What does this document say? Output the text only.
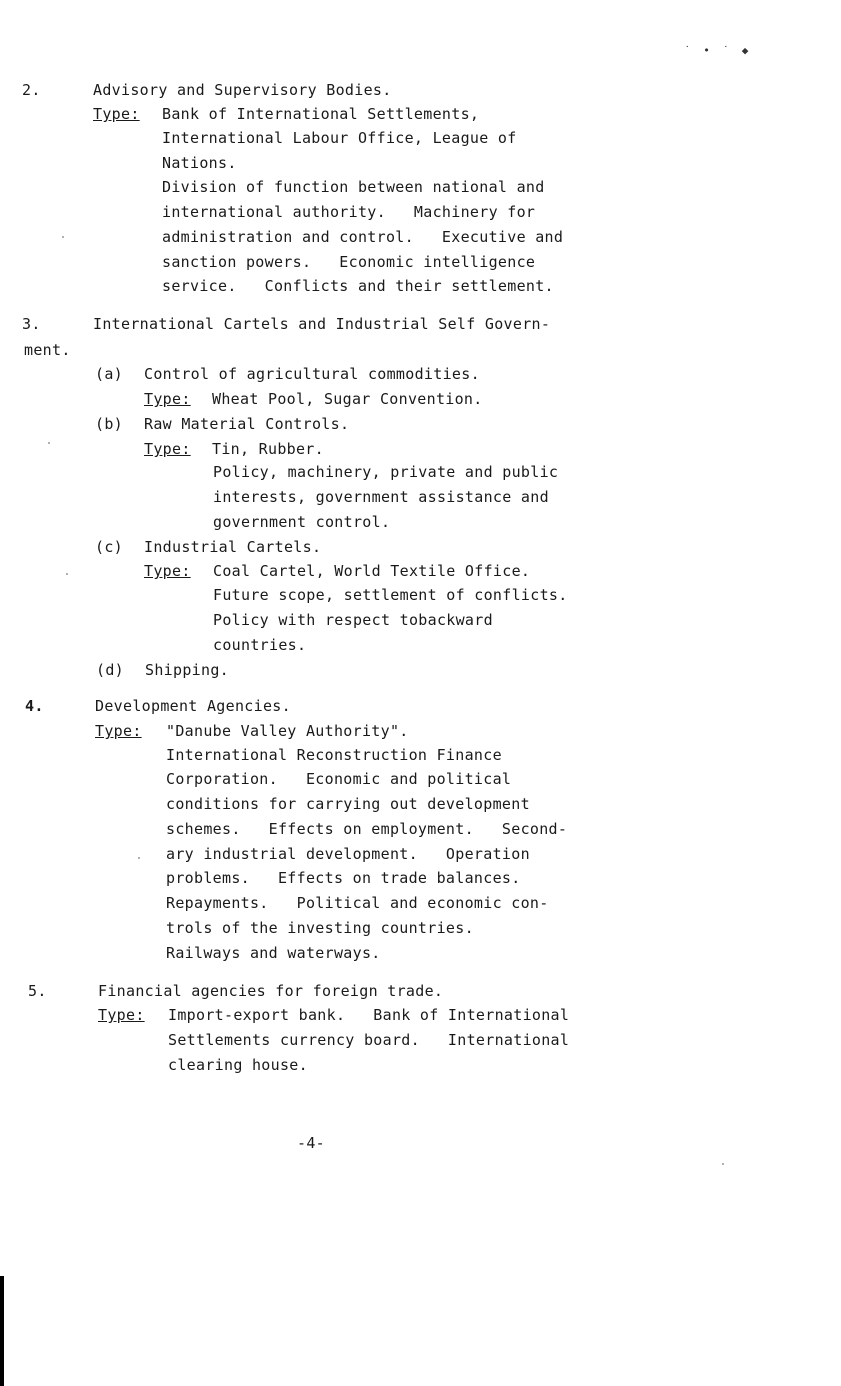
˙ • ˙ ◆
2.	Advisory and Supervisory Bodies.
Type: Bank of International Settlements,
International Labour Office, League of
Nations.
Division of function between national and
international authority.   Machinery for
administration and control.   Executive and
sanction powers.   Economic intelligence
service.   Conflicts and their settlement.
3.	International Cartels and Industrial Self Govern-
ment.
(a) Control of agricultural commodities.
Type: Wheat Pool, Sugar Convention.
(b) Raw Material Controls.
Type: Tin, Rubber.
Policy, machinery, private and public
interests, government assistance and
government control.
(c) Industrial Cartels.
Type: Coal Cartel, World Textile Office.
Future scope, settlement of conflicts.
Policy with respect tobackward
countries.
(d) Shipping.
4.	Development Agencies.
Type: "Danube Valley Authority".
International Reconstruction Finance
Corporation.   Economic and political
conditions for carrying out development
schemes.   Effects on employment.   Second-
ary industrial development.   Operation
problems.   Effects on trade balances.
Repayments.   Political and economic con-
trols of the investing countries.
Railways and waterways.
5.	Financial agencies for foreign trade.
Type: Import-export bank.   Bank of International
Settlements currency board.   International
clearing house.
-4-
